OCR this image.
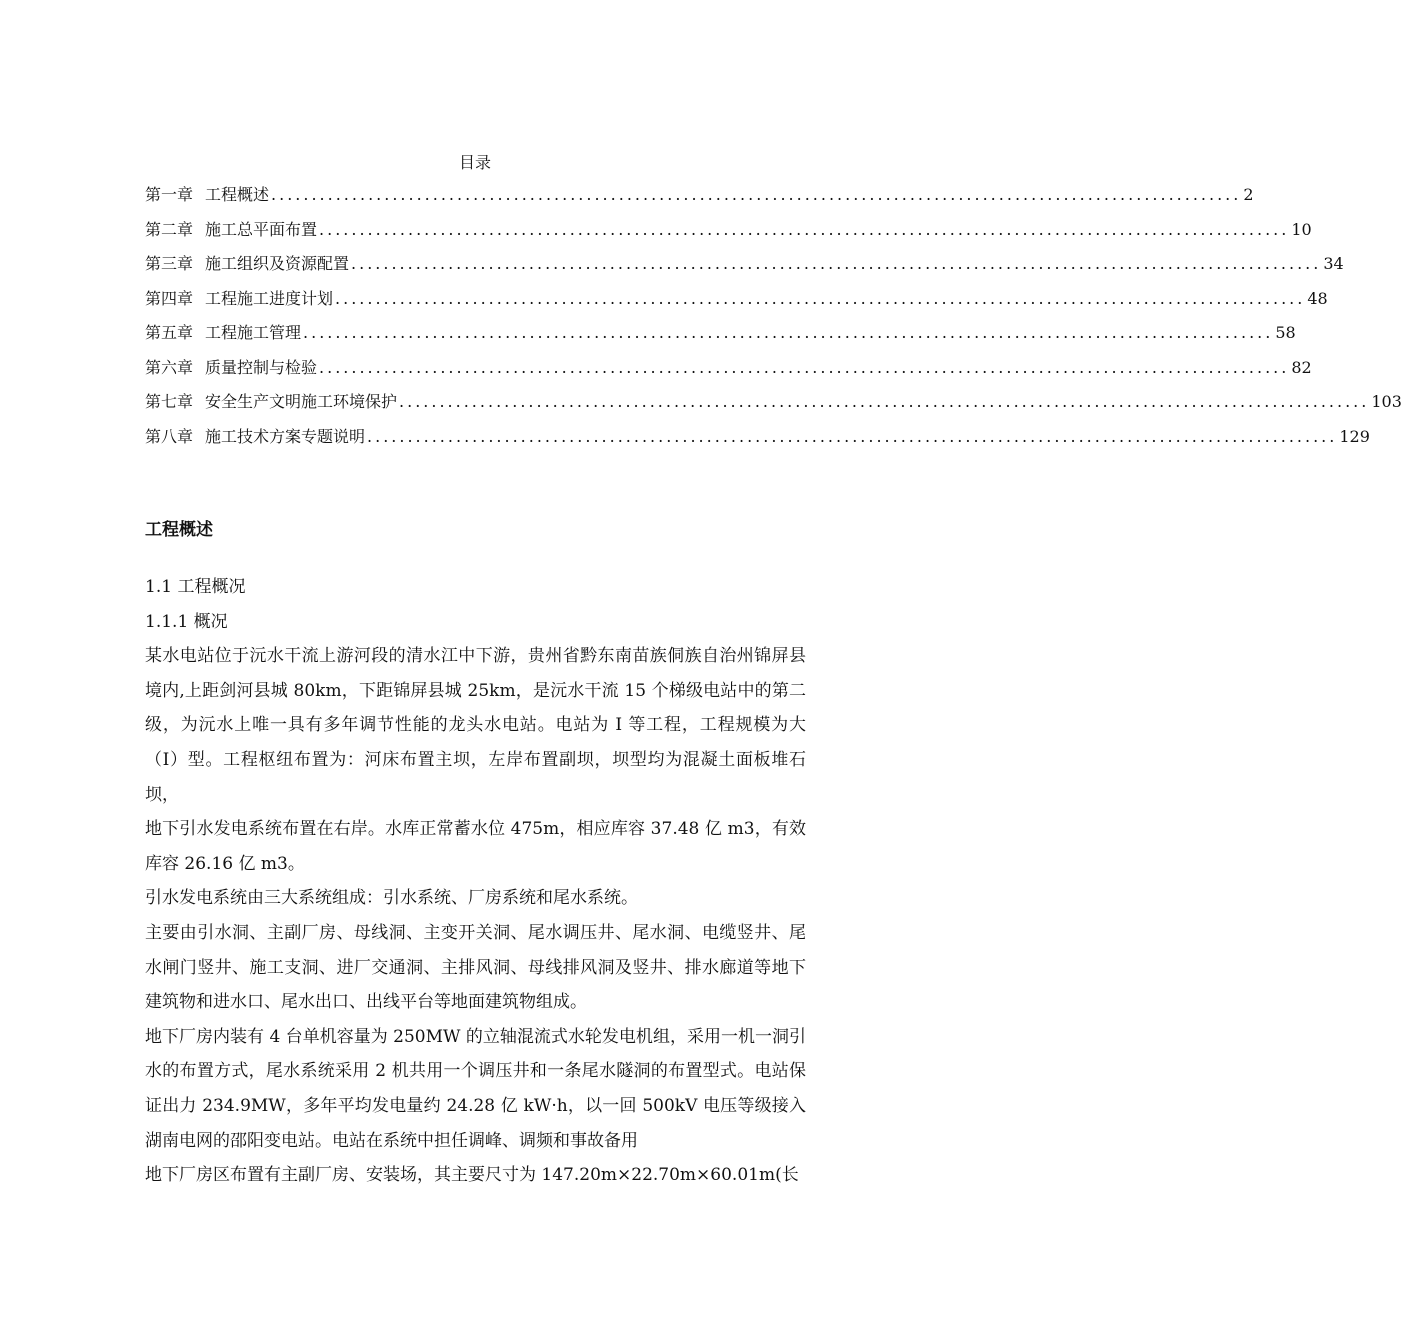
目录
第一章 工程概述 ........................................................................................................................ 2
第二章 施工总平面布置 ........................................................................................................................ 10
第三章 施工组织及资源配置 ........................................................................................................................ 34
第四章 工程施工进度计划 ........................................................................................................................ 48
第五章 工程施工管理 ........................................................................................................................ 58
第六章 质量控制与检验 ........................................................................................................................ 82
第七章 安全生产文明施工环境保护 ........................................................................................................................ 103
第八章 施工技术方案专题说明 ........................................................................................................................ 129
工程概述

1.1 工程概况

1.1.1 概况

某水电站位于沅水干流上游河段的清水江中下游，贵州省黔东南苗族侗族自治州锦屏县境内,上距剑河县城 80km，下距锦屏县城 25km，是沅水干流 15 个梯级电站中的第二级，为沅水上唯一具有多年调节性能的龙头水电站。电站为 I 等工程，工程规模为大（I）型。工程枢纽布置为：河床布置主坝，左岸布置副坝，坝型均为混凝土面板堆石坝，

地下引水发电系统布置在右岸。水库正常蓄水位 475m，相应库容 37.48 亿 m3，有效库容 26.16 亿 m3。

引水发电系统由三大系统组成：引水系统、厂房系统和尾水系统。

主要由引水洞、主副厂房、母线洞、主变开关洞、尾水调压井、尾水洞、电缆竖井、尾水闸门竖井、施工支洞、进厂交通洞、主排风洞、母线排风洞及竖井、排水廊道等地下建筑物和进水口、尾水出口、出线平台等地面建筑物组成。

地下厂房内装有 4 台单机容量为 250MW 的立轴混流式水轮发电机组，采用一机一洞引水的布置方式，尾水系统采用 2 机共用一个调压井和一条尾水隧洞的布置型式。电站保证出力 234.9MW，多年平均发电量约 24.28 亿 kW·h，以一回 500kV 电压等级接入湖南电网的邵阳变电站。电站在系统中担任调峰、调频和事故备用

地下厂房区布置有主副厂房、安装场，其主要尺寸为 147.20m×22.70m×60.01m(长
